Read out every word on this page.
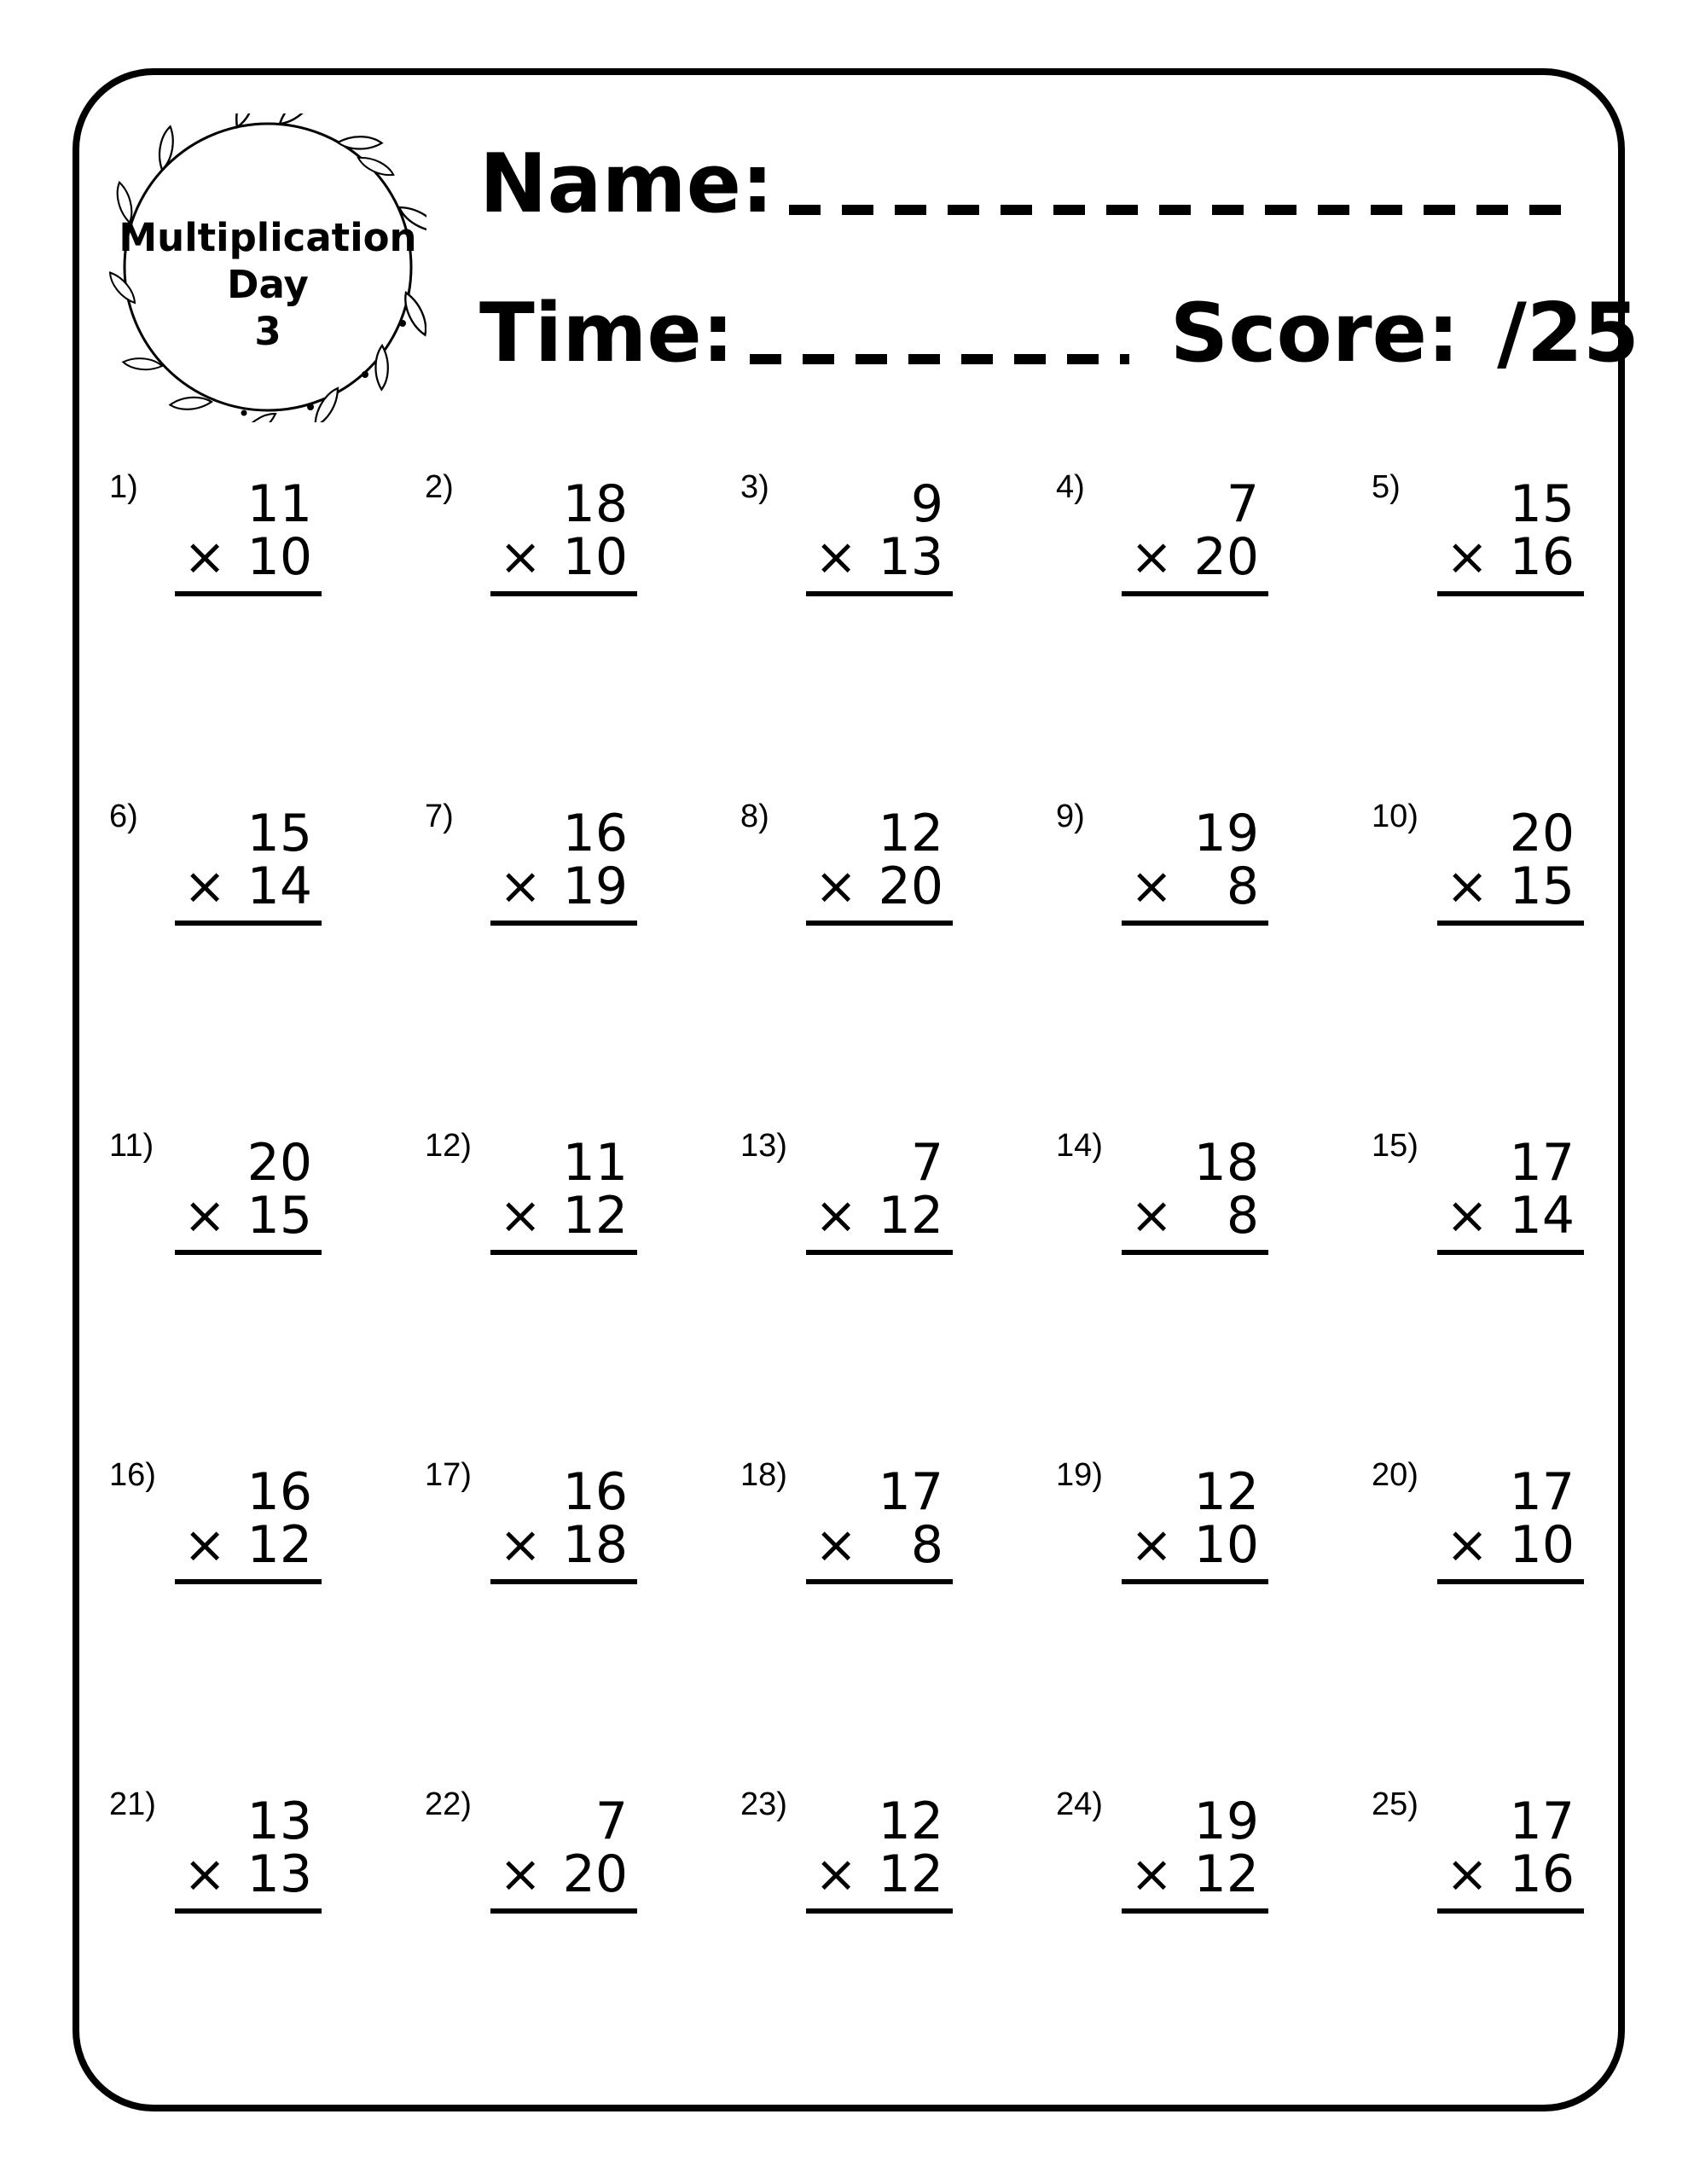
Multiplication
Day
3
Name:
Time:	Score: /25
1)	11
× 10
2)	18
× 10
3)	9
× 13
4)	7
× 20
5)	15
× 16
6)	15
× 14
7)	16
× 19
8)	12
× 20
9)	19
× 8
10)	20
× 15
11)	20
× 15
12)	11
× 12
13)	7
× 12
14)	18
× 8
15)	17
× 14
16)	16
× 12
17)	16
× 18
18)	17
× 8
19)	12
× 10
20)	17
× 10
21)	13
× 13
22)	7
× 20
23)	12
× 12
24)	19
× 12
25)	17
× 16
